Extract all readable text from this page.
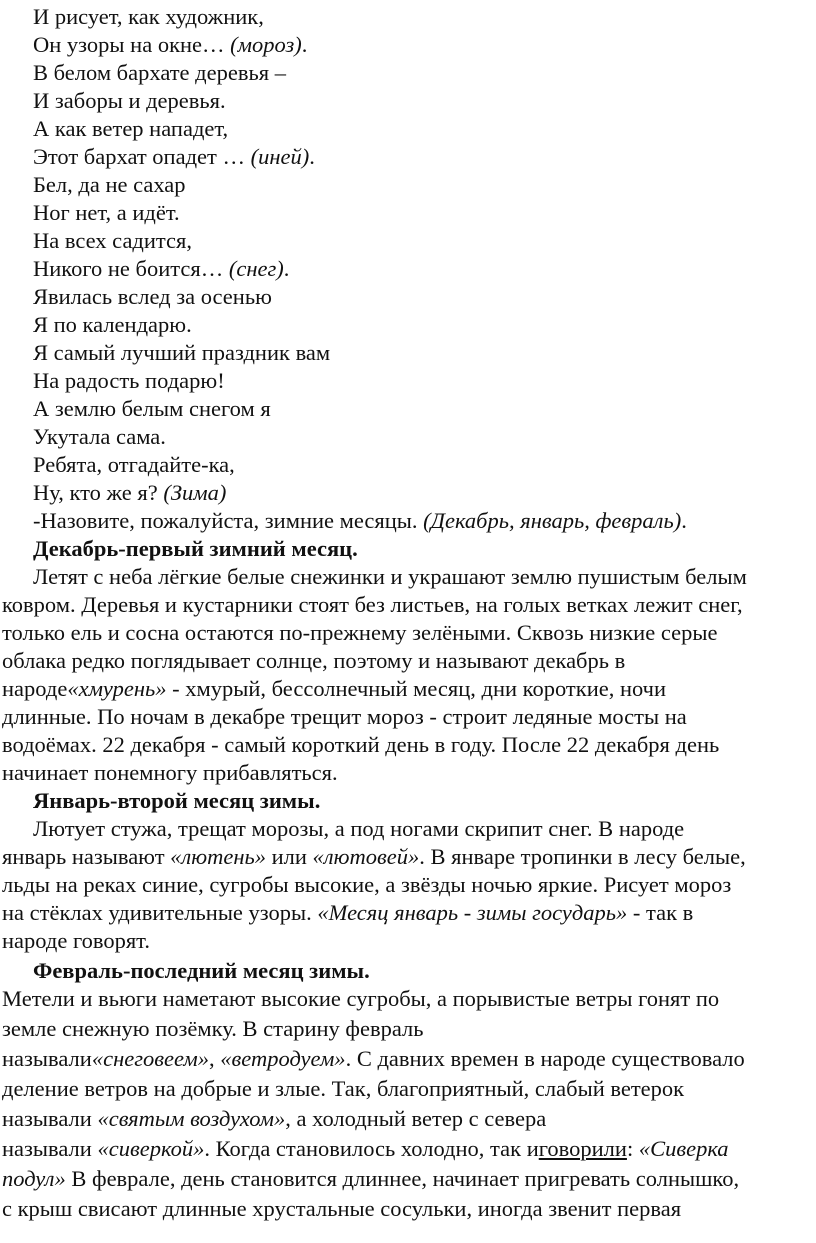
И рисует, как художник,
Он узоры на окне… (мороз).
В белом бархате деревья –
И заборы и деревья.
А как ветер нападет,
Этот бархат опадет … (иней).
Бел, да не сахар
Ног нет, а идёт.
На всех садится,
Никого не боится… (снег).
Явилась вслед за осенью
Я по календарю.
Я самый лучший праздник вам
На радость подарю!
А землю белым снегом я
Укутала сама.
Ребята, отгадайте-ка,
Ну, кто же я? (Зима)
-Назовите, пожалуйста, зимние месяцы. (Декабрь, январь, февраль).
Декабрь-первый зимний месяц.
Летят с неба лёгкие белые снежинки и украшают землю пушистым белым
ковром. Деревья и кустарники стоят без листьев, на голых ветках лежит снег,
только ель и сосна остаются по-прежнему зелёными. Сквозь низкие серые
облака редко поглядывает солнце, поэтому и называют декабрь в
народе«хмурень» - хмурый, бессолнечный месяц, дни короткие, ночи
длинные. По ночам в декабре трещит мороз - строит ледяные мосты на
водоёмах. 22 декабря - самый короткий день в году. После 22 декабря день
начинает понемногу прибавляться.
Январь-второй месяц зимы.
Лютует стужа, трещат морозы, а под ногами скрипит снег. В народе
январь называют «лютень» или «лютовей». В январе тропинки в лесу белые,
льды на реках синие, сугробы высокие, а звёзды ночью яркие. Рисует мороз
на стёклах удивительные узоры. «Месяц январь - зимы государь» - так в
народе говорят.
Февраль-последний месяц зимы.
Метели и вьюги наметают высокие сугробы, а порывистые ветры гонят по
земле снежную позёмку. В старину февраль
называли«снеговеем», «ветродуем». С давних времен в народе существовало
деление ветров на добрые и злые. Так, благоприятный, слабый ветерок
называли «святым воздухом», а холодный ветер с севера
называли «сиверкой». Когда становилось холодно, так иговорили: «Сиверка
подул» В феврале, день становится длиннее, начинает пригревать солнышко,
с крыш свисают длинные хрустальные сосульки, иногда звенит первая
